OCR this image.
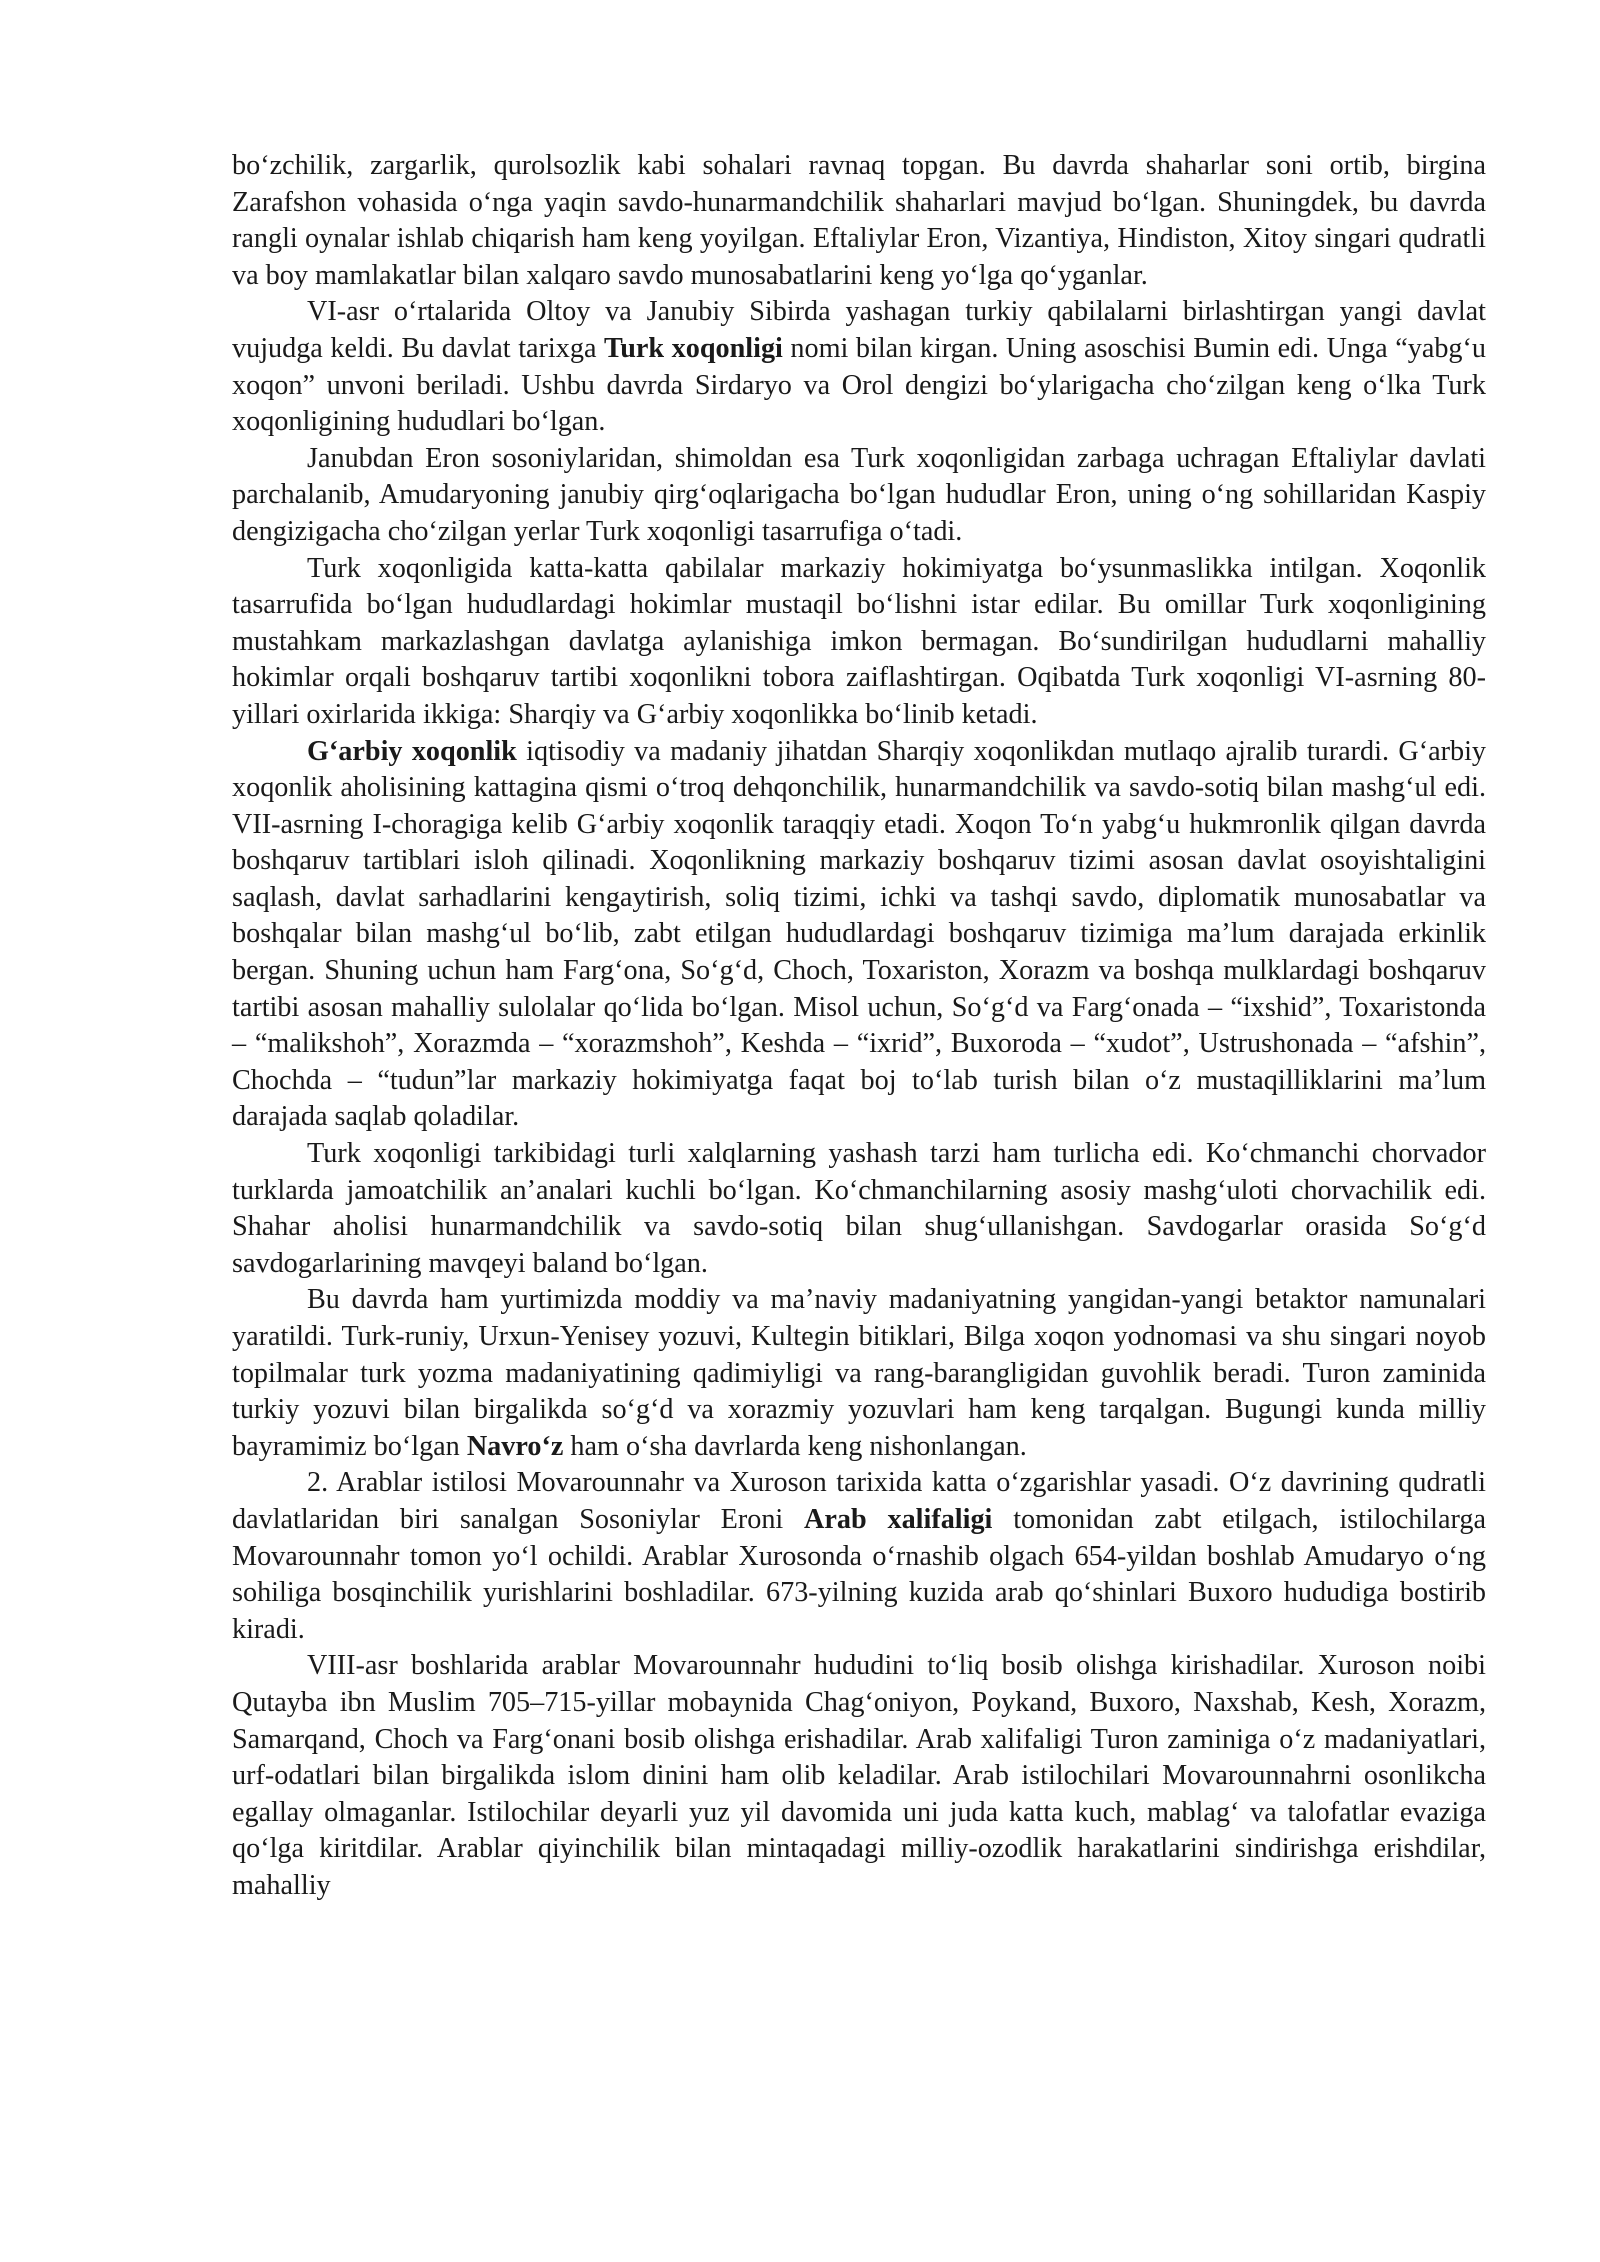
bo‘zchilik, zargarlik, qurolsozlik kabi sohalari ravnaq topgan. Bu davrda shaharlar soni ortib, birgina Zarafshon vohasida o‘nga yaqin savdo-hunarmandchilik shaharlari mavjud bo‘lgan. Shuningdek, bu davrda rangli oynalar ishlab chiqarish ham keng yoyilgan. Eftaliylar Eron, Vizantiya, Hindiston, Xitoy singari qudratli va boy mamlakatlar bilan xalqaro savdo munosabatlarini keng yo‘lga qo‘yganlar.

VI-asr o‘rtalarida Oltoy va Janubiy Sibirda yashagan turkiy qabilalarni birlashtirgan yangi davlat vujudga keldi. Bu davlat tarixga Turk xoqonligi nomi bilan kirgan. Uning asoschisi Bumin edi. Unga “yabg‘u xoqon” unvoni beriladi. Ushbu davrda Sirdaryo va Orol dengizi bo‘ylarigacha cho‘zilgan keng o‘lka Turk xoqonligining hududlari bo‘lgan.

Janubdan Eron sosoniylaridan, shimoldan esa Turk xoqonligidan zarbaga uchragan Eftaliylar davlati parchalanib, Amudaryoning janubiy qirg‘oqlarigacha bo‘lgan hududlar Eron, uning o‘ng sohillaridan Kaspiy dengizigacha cho‘zilgan yerlar Turk xoqonligi tasarrufiga o‘tadi.

Turk xoqonligida katta-katta qabilalar markaziy hokimiyatga bo‘ysunmaslikka intilgan. Xoqonlik tasarrufida bo‘lgan hududlardagi hokimlar mustaqil bo‘lishni istar edilar. Bu omillar Turk xoqonligining mustahkam markazlashgan davlatga aylanishiga imkon bermagan. Bo‘sundirilgan hududlarni mahalliy hokimlar orqali boshqaruv tartibi xoqonlikni tobora zaiflashtirgan. Oqibatda Turk xoqonligi VI-asrning 80-yillari oxirlarida ikkiga: Sharqiy va G‘arbiy xoqonlikka bo‘linib ketadi.

G‘arbiy xoqonlik iqtisodiy va madaniy jihatdan Sharqiy xoqonlikdan mutlaqo ajralib turardi. G‘arbiy xoqonlik aholisining kattagina qismi o‘troq dehqonchilik, hunarmandchilik va savdo-sotiq bilan mashg‘ul edi. VII-asrning I-choragiga kelib G‘arbiy xoqonlik taraqqiy etadi. Xoqon To‘n yabg‘u hukmronlik qilgan davrda boshqaruv tartiblari isloh qilinadi. Xoqonlikning markaziy boshqaruv tizimi asosan davlat osoyishtaligini saqlash, davlat sarhadlarini kengaytirish, soliq tizimi, ichki va tashqi savdo, diplomatik munosabatlar va boshqalar bilan mashg‘ul bo‘lib, zabt etilgan hududlardagi boshqaruv tizimiga ma’lum darajada erkinlik bergan. Shuning uchun ham Farg‘ona, So‘g‘d, Choch, Toxariston, Xorazm va boshqa mulklardagi boshqaruv tartibi asosan mahalliy sulolalar qo‘lida bo‘lgan. Misol uchun, So‘g‘d va Farg‘onada – “ixshid”, Toxaristonda – “malikshoh”, Xorazmda – “xorazmshoh”, Keshda – “ixrid”, Buxoroda – “xudot”, Ustrushonada – “afshin”, Chochda – “tudun”lar markaziy hokimiyatga faqat boj to‘lab turish bilan o‘z mustaqilliklarini ma’lum darajada saqlab qoladilar.

Turk xoqonligi tarkibidagi turli xalqlarning yashash tarzi ham turlicha edi. Ko‘chmanchi chorvador turklarda jamoatchilik an’analari kuchli bo‘lgan. Ko‘chmanchilarning asosiy mashg‘uloti chorvachilik edi. Shahar aholisi hunarmandchilik va savdo-sotiq bilan shug‘ullanishgan. Savdogarlar orasida So‘g‘d savdogarlarining mavqeyi baland bo‘lgan.

Bu davrda ham yurtimizda moddiy va ma’naviy madaniyatning yangidan-yangi betaktor namunalari yaratildi. Turk-runiy, Urxun-Yenisey yozuvi, Kultegin bitiklari, Bilga xoqon yodnomasi va shu singari noyob topilmalar turk yozma madaniyatining qadimiyligi va rang-barangligidan guvohlik beradi. Turon zaminida turkiy yozuvi bilan birgalikda so‘g‘d va xorazmiy yozuvlari ham keng tarqalgan. Bugungi kunda milliy bayramimiz bo‘lgan Navro‘z ham o‘sha davrlarda keng nishonlangan.

2. Arablar istilosi Movarounnahr va Xuroson tarixida katta o‘zgarishlar yasadi. O‘z davrining qudratli davlatlaridan biri sanalgan Sosoniylar Eroni Arab xalifaligi tomonidan zabt etilgach, istilochilarga Movarounnahr tomon yo‘l ochildi. Arablar Xurosonda o‘rnashib olgach 654-yildan boshlab Amudaryo o‘ng sohiliga bosqinchilik yurishlarini boshladilar. 673-yilning kuzida arab qo‘shinlari Buxoro hududiga bostirib kiradi.

VIII-asr boshlarida arablar Movarounnahr hududini to‘liq bosib olishga kirishadilar. Xuroson noibi Qutayba ibn Muslim 705–715-yillar mobaynida Chag‘oniyon, Poykand, Buxoro, Naxshab, Kesh, Xorazm, Samarqand, Choch va Farg‘onani bosib olishga erishadilar. Arab xalifaligi Turon zaminiga o‘z madaniyatlari, urf-odatlari bilan birgalikda islom dinini ham olib keladilar. Arab istilochilari Movarounnahrni osonlikcha egallay olmaganlar. Istilochilar deyarli yuz yil davomida uni juda katta kuch, mablag‘ va talofatlar evaziga qo‘lga kiritdilar. Arablar qiyinchilik bilan mintaqadagi milliy-ozodlik harakatlarini sindirishga erishdilar, mahalliy
